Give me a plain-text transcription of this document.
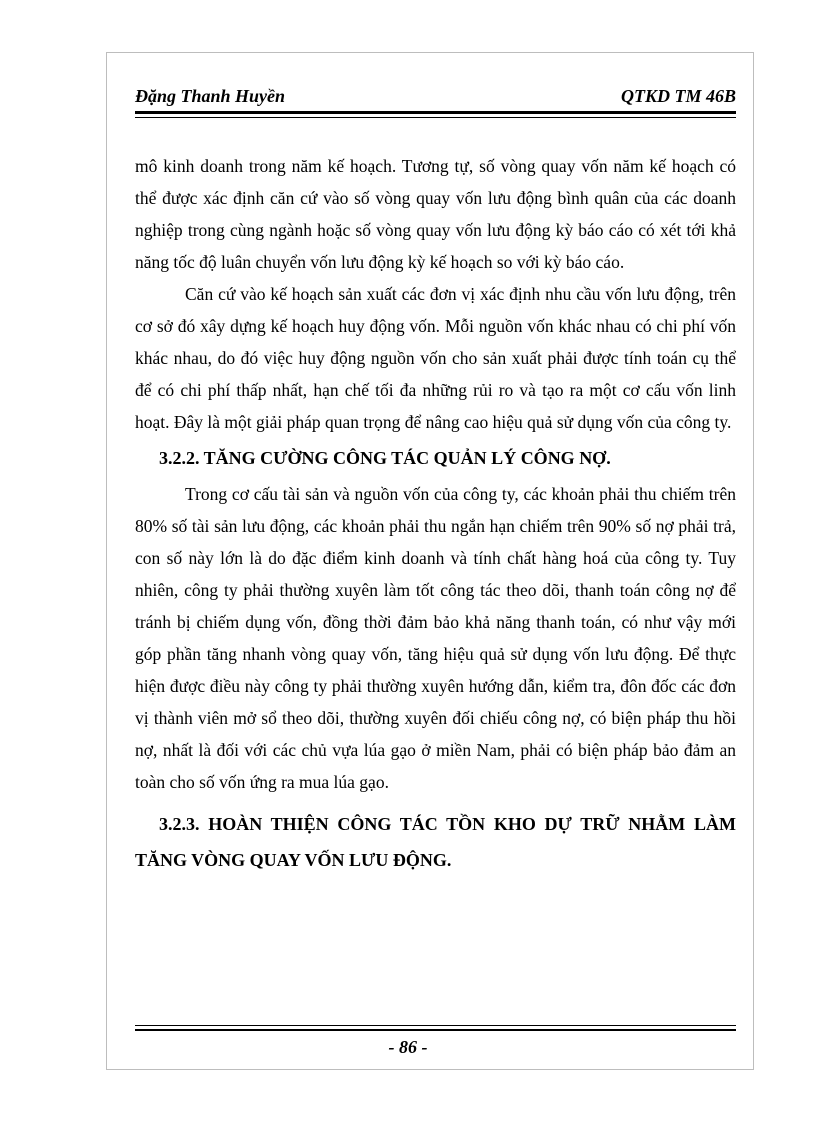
Đặng Thanh Huyền	QTKD TM 46B

mô kinh doanh trong năm kế hoạch. Tương tự, số vòng quay vốn năm kế hoạch có thể được xác định căn cứ vào số vòng quay vốn lưu động bình quân của các doanh nghiệp trong cùng ngành hoặc số vòng quay vốn lưu động kỳ báo cáo có xét tới khả năng tốc độ luân chuyển vốn lưu động kỳ kế hoạch so với kỳ báo cáo.

Căn cứ vào kế hoạch sản xuất các đơn vị xác định nhu cầu vốn lưu động, trên cơ sở đó xây dựng kế hoạch huy động vốn. Mỗi nguồn vốn khác nhau có chi phí vốn khác nhau, do đó việc huy động nguồn vốn cho sản xuất phải được tính toán cụ thể để có chi phí thấp nhất, hạn chế tối đa những rủi ro và tạo ra một cơ cấu vốn linh hoạt. Đây là một giải pháp quan trọng để nâng cao hiệu quả sử dụng vốn của công ty.

3.2.2. TĂNG CƯỜNG CÔNG TÁC QUẢN LÝ CÔNG NỢ.

Trong cơ cấu tài sản và nguồn vốn của công ty, các khoản phải thu chiếm trên 80% số tài sản lưu động, các khoản phải thu ngắn hạn chiếm trên 90% số nợ phải trả, con số này lớn là do đặc điểm kinh doanh và tính chất hàng hoá của công ty. Tuy nhiên, công ty phải thường xuyên làm tốt công tác theo dõi, thanh toán công nợ để tránh bị chiếm dụng vốn, đồng thời đảm bảo khả năng thanh toán, có như vậy mới góp phần tăng nhanh vòng quay vốn, tăng hiệu quả sử dụng vốn lưu động. Để thực hiện được điều này công ty phải thường xuyên hướng dẫn, kiểm tra, đôn đốc các đơn vị thành viên mở sổ theo dõi, thường xuyên đối chiếu công nợ, có biện pháp thu hồi nợ, nhất là đối với các chủ vựa lúa gạo ở miền Nam, phải có biện pháp bảo đảm an toàn cho số vốn ứng ra mua lúa gạo.

3.2.3. HOÀN THIỆN CÔNG TÁC TỒN KHO DỰ TRỮ NHẰM LÀM TĂNG VÒNG QUAY VỐN LƯU ĐỘNG.
- 86 -
